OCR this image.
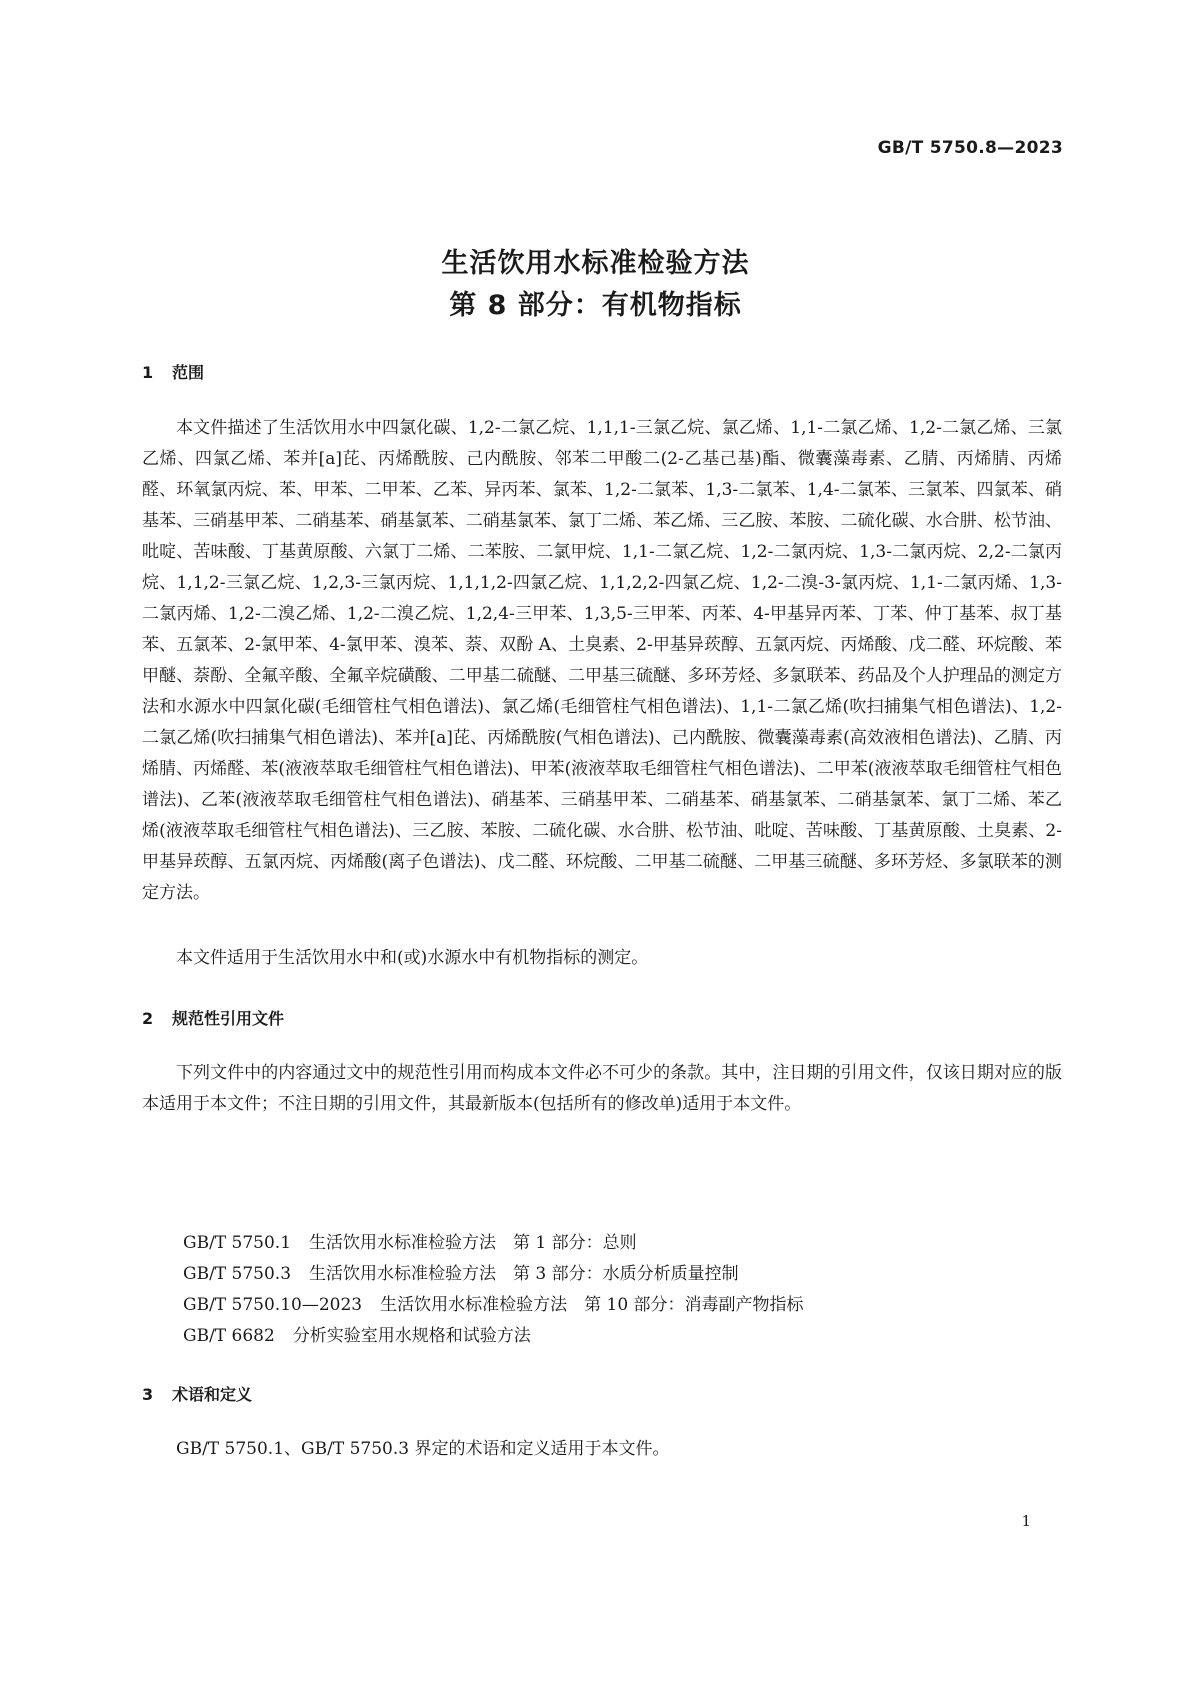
GB/T 5750.8—2023
生活饮用水标准检验方法
第 8 部分：有机物指标
1 范围
本文件描述了生活饮用水中四氯化碳、1,2-二氯乙烷、1,1,1-三氯乙烷、氯乙烯、1,1-二氯乙烯、1,2-二氯乙烯、三氯乙烯、四氯乙烯、苯并[a]芘、丙烯酰胺、己内酰胺、邻苯二甲酸二(2-乙基己基)酯、微囊藻毒素、乙腈、丙烯腈、丙烯醛、环氧氯丙烷、苯、甲苯、二甲苯、乙苯、异丙苯、氯苯、1,2-二氯苯、1,3-二氯苯、1,4-二氯苯、三氯苯、四氯苯、硝基苯、三硝基甲苯、二硝基苯、硝基氯苯、二硝基氯苯、氯丁二烯、苯乙烯、三乙胺、苯胺、二硫化碳、水合肼、松节油、吡啶、苦味酸、丁基黄原酸、六氯丁二烯、二苯胺、二氯甲烷、1,1-二氯乙烷、1,2-二氯丙烷、1,3-二氯丙烷、2,2-二氯丙烷、1,1,2-三氯乙烷、1,2,3-三氯丙烷、1,1,1,2-四氯乙烷、1,1,2,2-四氯乙烷、1,2-二溴-3-氯丙烷、1,1-二氯丙烯、1,3-二氯丙烯、1,2-二溴乙烯、1,2-二溴乙烷、1,2,4-三甲苯、1,3,5-三甲苯、丙苯、4-甲基异丙苯、丁苯、仲丁基苯、叔丁基苯、五氯苯、2-氯甲苯、4-氯甲苯、溴苯、萘、双酚 A、土臭素、2-甲基异莰醇、五氯丙烷、丙烯酸、戊二醛、环烷酸、苯甲醚、萘酚、全氟辛酸、全氟辛烷磺酸、二甲基二硫醚、二甲基三硫醚、多环芳烃、多氯联苯、药品及个人护理品的测定方法和水源水中四氯化碳(毛细管柱气相色谱法)、氯乙烯(毛细管柱气相色谱法)、1,1-二氯乙烯(吹扫捕集气相色谱法)、1,2-二氯乙烯(吹扫捕集气相色谱法)、苯并[a]芘、丙烯酰胺(气相色谱法)、己内酰胺、微囊藻毒素(高效液相色谱法)、乙腈、丙烯腈、丙烯醛、苯(液液萃取毛细管柱气相色谱法)、甲苯(液液萃取毛细管柱气相色谱法)、二甲苯(液液萃取毛细管柱气相色谱法)、乙苯(液液萃取毛细管柱气相色谱法)、硝基苯、三硝基甲苯、二硝基苯、硝基氯苯、二硝基氯苯、氯丁二烯、苯乙烯(液液萃取毛细管柱气相色谱法)、三乙胺、苯胺、二硫化碳、水合肼、松节油、吡啶、苦味酸、丁基黄原酸、土臭素、2-甲基异莰醇、五氯丙烷、丙烯酸(离子色谱法)、戊二醛、环烷酸、二甲基二硫醚、二甲基三硫醚、多环芳烃、多氯联苯的测定方法。
本文件适用于生活饮用水中和(或)水源水中有机物指标的测定。
2 规范性引用文件
下列文件中的内容通过文中的规范性引用而构成本文件必不可少的条款。其中，注日期的引用文件，仅该日期对应的版本适用于本文件；不注日期的引用文件，其最新版本(包括所有的修改单)适用于本文件。
GB/T 5750.1 生活饮用水标准检验方法　第 1 部分：总则
GB/T 5750.3 生活饮用水标准检验方法　第 3 部分：水质分析质量控制
GB/T 5750.10—2023 生活饮用水标准检验方法　第 10 部分：消毒副产物指标
GB/T 6682 分析实验室用水规格和试验方法
3 术语和定义
GB/T 5750.1、GB/T 5750.3 界定的术语和定义适用于本文件。
1
